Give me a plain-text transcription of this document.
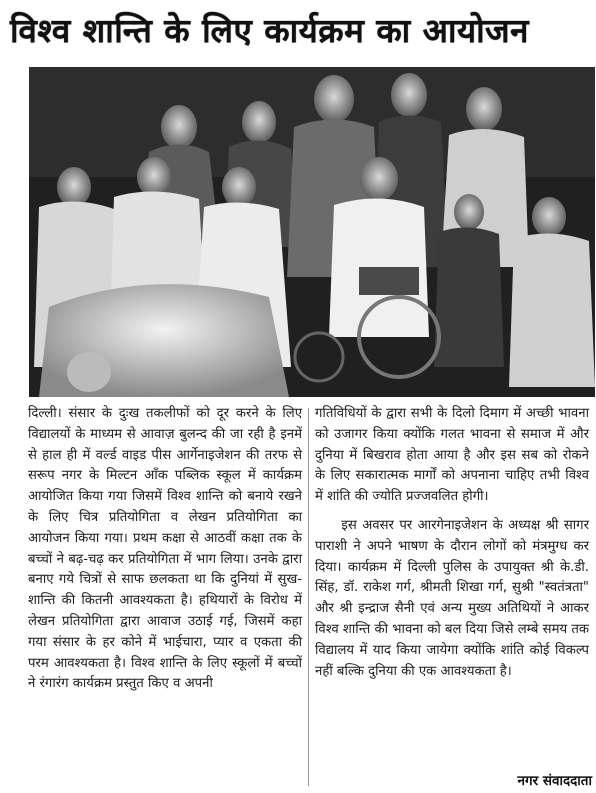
विश्व शान्ति के लिए कार्यक्रम का आयोजन

दिल्ली। संसार के दुःख तकलीफों को दूर करने के लिए विद्यालयों के माध्यम से आवाज़ बुलन्द की जा रही है इनमें से हाल ही में वर्ल्ड वाइड पीस आर्गेनाइजेशन की तरफ से सरूप नगर के मिल्टन आँक पब्लिक स्कूल में कार्यक्रम आयोजित किया गया जिसमें विश्व शान्ति को बनाये रखने के लिए चित्र प्रतियोगिता व लेखन प्रतियोगिता का आयोजन किया गया। प्रथम कक्षा से आठवीं कक्षा तक के बच्चों ने बढ़-चढ़ कर प्रतियोगिता में भाग लिया। उनके द्वारा बनाए गये चित्रों से साफ छलकता था कि दुनियां में सुख-शान्ति की कितनी आवश्यकता है। हथियारों के विरोध में लेखन प्रतियोगिता द्वारा आवाज उठाई गई, जिसमें कहा गया संसार के हर कोने में भाईचारा, प्यार व एकता की परम आवश्यकता है। विश्व शान्ति के लिए स्कूलों में बच्चों ने रंगारंग कार्यक्रम प्रस्तुत किए व अपनी

गतिविधियों के द्वारा सभी के दिलो दिमाग में अच्छी भावना को उजागर किया क्योंकि गलत भावना से समाज में और दुनिया में बिखराव होता आया है और इस सब को रोकने के लिए सकारात्मक मार्गों को अपनाना चाहिए तभी विश्व में शांति की ज्योति प्रज्जवलित होगी।

इस अवसर पर आरगेनाइजेशन के अध्यक्ष श्री सागर पाराशी ने अपने भाषण के दौरान लोगों को मंत्रमुग्ध कर दिया। कार्यक्रम में दिल्ली पुलिस के उपायुक्त श्री के.डी. सिंह, डॉ. राकेश गर्ग, श्रीमती शिखा गर्ग, सुश्री "स्वतंत्रता" और श्री इन्द्राज सैनी एवं अन्य मुख्य अतिथियों ने आकर विश्व शान्ति की भावना को बल दिया जिसे लम्बे समय तक विद्यालय में याद किया जायेगा क्योंकि शांति कोई विकल्प नहीं बल्कि दुनिया की एक आवश्यकता है।

नगर संवाददाता
